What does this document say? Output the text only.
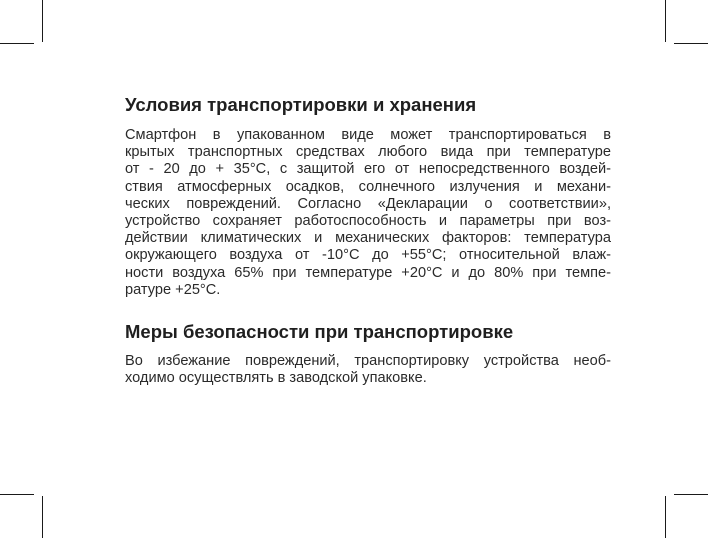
Условия транспортировки и хранения
Смартфон в упакованном виде может транспортироваться в
крытых транспортных средствах любого вида при температуре
от - 20 до + 35°С, с защитой его от непосредственного воздей-
ствия атмосферных осадков, солнечного излучения и механи-
ческих повреждений. Согласно «Декларации о соответствии»,
устройство сохраняет работоспособность и параметры при воз-
действии климатических и механических факторов: температура
окружающего воздуха от -10°С до +55°С; относительной влаж-
ности воздуха 65% при температуре +20°С и до 80% при темпе-
ратуре +25°С.
Меры безопасности при транспортировке
Во избежание повреждений, транспортировку устройства необ-
ходимо осуществлять в заводской упаковке.
